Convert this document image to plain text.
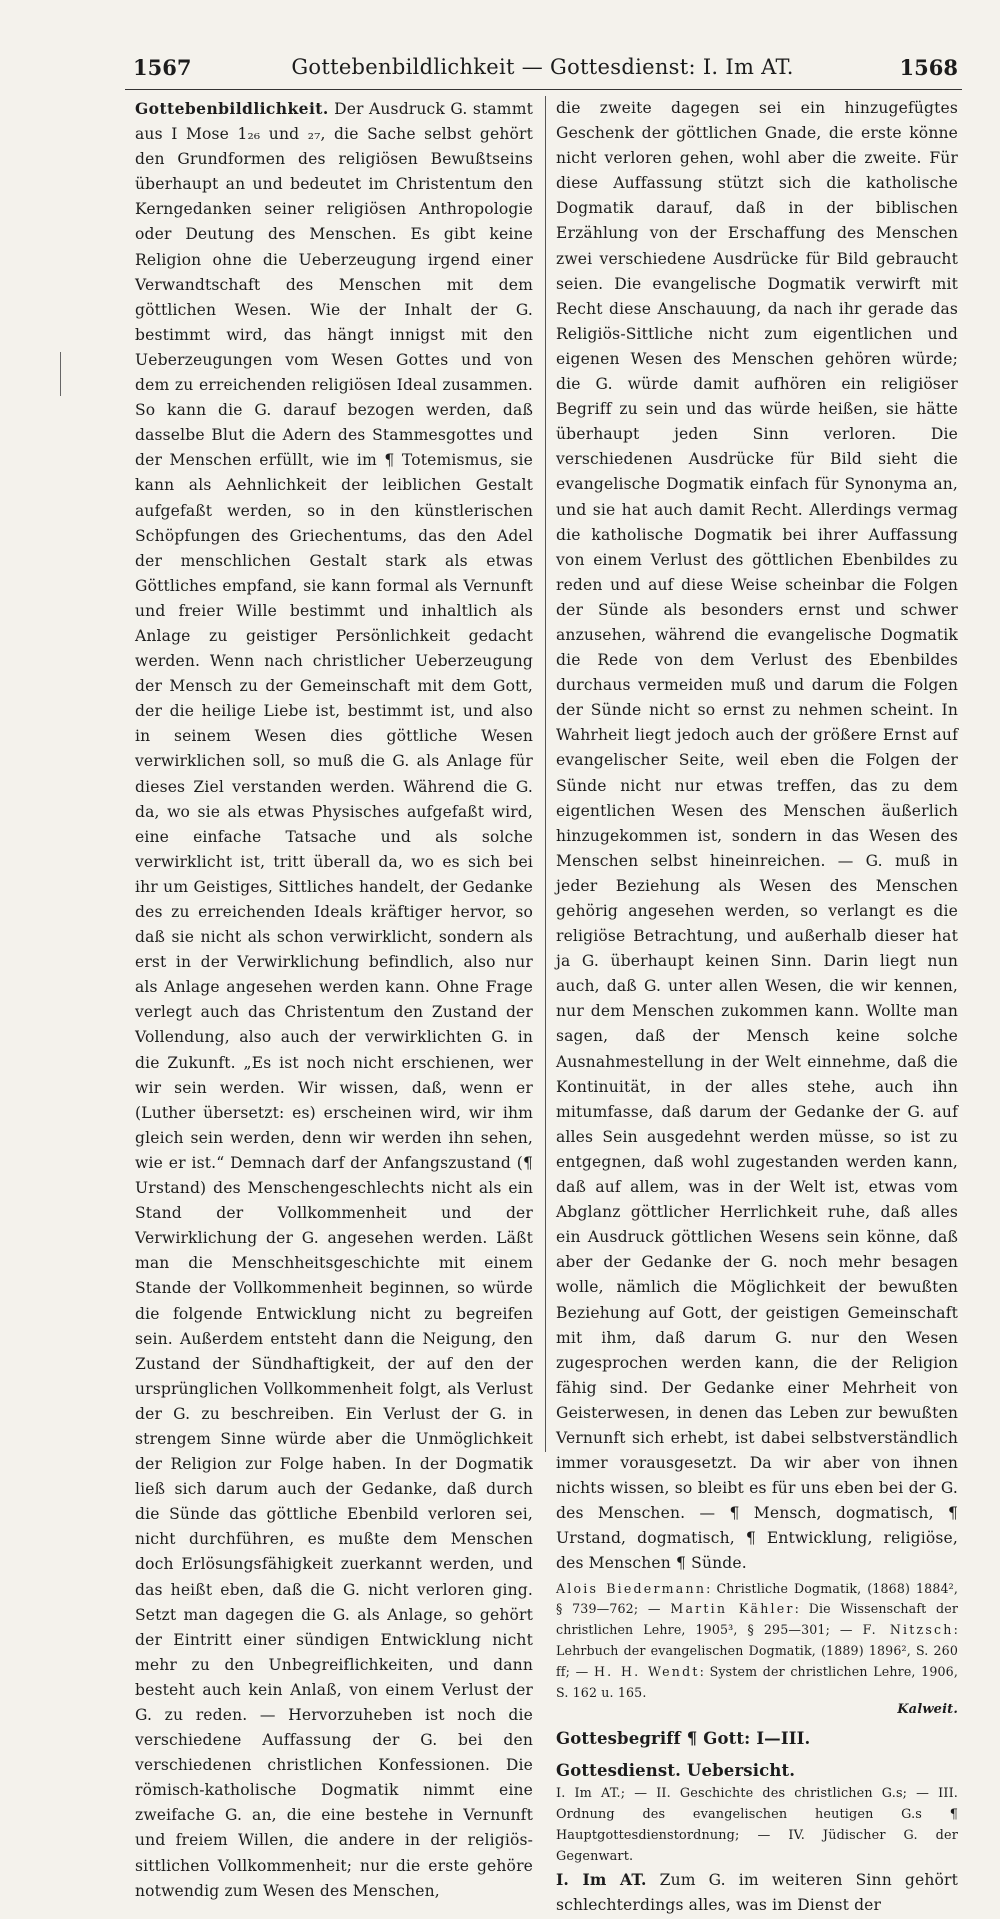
1567	Gottebenbildlichkeit — Gottesdienst: I. Im AT.	1568

Gottebenbildlichkeit. Der Ausdruck G. stammt aus I Mose 1₂₆ und ₂₇, die Sache selbst gehört den Grundformen des religiösen Bewußtseins überhaupt an und bedeutet im Christentum den Kerngedanken seiner religiösen Anthropologie oder Deutung des Menschen. Es gibt keine Religion ohne die Ueberzeugung irgend einer Verwandtschaft des Menschen mit dem göttlichen Wesen. Wie der Inhalt der G. bestimmt wird, das hängt innigst mit den Ueberzeugungen vom Wesen Gottes und von dem zu erreichenden religiösen Ideal zusammen. So kann die G. darauf bezogen werden, daß dasselbe Blut die Adern des Stammesgottes und der Menschen erfüllt, wie im ¶ Totemismus, sie kann als Aehnlichkeit der leiblichen Gestalt aufgefaßt werden, so in den künstlerischen Schöpfungen des Griechentums, das den Adel der menschlichen Gestalt stark als etwas Göttliches empfand, sie kann formal als Vernunft und freier Wille bestimmt und inhaltlich als Anlage zu geistiger Persönlichkeit gedacht werden. Wenn nach christlicher Ueberzeugung der Mensch zu der Gemeinschaft mit dem Gott, der die heilige Liebe ist, bestimmt ist, und also in seinem Wesen dies göttliche Wesen verwirklichen soll, so muß die G. als Anlage für dieses Ziel verstanden werden. Während die G. da, wo sie als etwas Physisches aufgefaßt wird, eine einfache Tatsache und als solche verwirklicht ist, tritt überall da, wo es sich bei ihr um Geistiges, Sittliches handelt, der Gedanke des zu erreichenden Ideals kräftiger hervor, so daß sie nicht als schon verwirklicht, sondern als erst in der Verwirklichung befindlich, also nur als Anlage angesehen werden kann. Ohne Frage verlegt auch das Christentum den Zustand der Vollendung, also auch der verwirklichten G. in die Zukunft. „Es ist noch nicht erschienen, wer wir sein werden. Wir wissen, daß, wenn er (Luther übersetzt: es) erscheinen wird, wir ihm gleich sein werden, denn wir werden ihn sehen, wie er ist.“ Demnach darf der Anfangszustand (¶ Urstand) des Menschengeschlechts nicht als ein Stand der Vollkommenheit und der Verwirklichung der G. angesehen werden. Läßt man die Menschheitsgeschichte mit einem Stande der Vollkommenheit beginnen, so würde die folgende Entwicklung nicht zu begreifen sein. Außerdem entsteht dann die Neigung, den Zustand der Sündhaftigkeit, der auf den der ursprünglichen Vollkommenheit folgt, als Verlust der G. zu beschreiben. Ein Verlust der G. in strengem Sinne würde aber die Unmöglichkeit der Religion zur Folge haben. In der Dogmatik ließ sich darum auch der Gedanke, daß durch die Sünde das göttliche Ebenbild verloren sei, nicht durchführen, es mußte dem Menschen doch Erlösungsfähigkeit zuerkannt werden, und das heißt eben, daß die G. nicht verloren ging. Setzt man dagegen die G. als Anlage, so gehört der Eintritt einer sündigen Entwicklung nicht mehr zu den Unbegreiflichkeiten, und dann besteht auch kein Anlaß, von einem Verlust der G. zu reden. — Hervorzuheben ist noch die verschiedene Auffassung der G. bei den verschiedenen christlichen Konfessionen. Die römisch-katholische Dogmatik nimmt eine zweifache G. an, die eine bestehe in Vernunft und freiem Willen, die andere in der religiös-sittlichen Vollkommenheit; nur die erste gehöre notwendig zum Wesen des Menschen,

die zweite dagegen sei ein hinzugefügtes Geschenk der göttlichen Gnade, die erste könne nicht verloren gehen, wohl aber die zweite. Für diese Auffassung stützt sich die katholische Dogmatik darauf, daß in der biblischen Erzählung von der Erschaffung des Menschen zwei verschiedene Ausdrücke für Bild gebraucht seien. Die evangelische Dogmatik verwirft mit Recht diese Anschauung, da nach ihr gerade das Religiös-Sittliche nicht zum eigentlichen und eigenen Wesen des Menschen gehören würde; die G. würde damit aufhören ein religiöser Begriff zu sein und das würde heißen, sie hätte überhaupt jeden Sinn verloren. Die verschiedenen Ausdrücke für Bild sieht die evangelische Dogmatik einfach für Synonyma an, und sie hat auch damit Recht. Allerdings vermag die katholische Dogmatik bei ihrer Auffassung von einem Verlust des göttlichen Ebenbildes zu reden und auf diese Weise scheinbar die Folgen der Sünde als besonders ernst und schwer anzusehen, während die evangelische Dogmatik die Rede von dem Verlust des Ebenbildes durchaus vermeiden muß und darum die Folgen der Sünde nicht so ernst zu nehmen scheint. In Wahrheit liegt jedoch auch der größere Ernst auf evangelischer Seite, weil eben die Folgen der Sünde nicht nur etwas treffen, das zu dem eigentlichen Wesen des Menschen äußerlich hinzugekommen ist, sondern in das Wesen des Menschen selbst hineinreichen. — G. muß in jeder Beziehung als Wesen des Menschen gehörig angesehen werden, so verlangt es die religiöse Betrachtung, und außerhalb dieser hat ja G. überhaupt keinen Sinn. Darin liegt nun auch, daß G. unter allen Wesen, die wir kennen, nur dem Menschen zukommen kann. Wollte man sagen, daß der Mensch keine solche Ausnahmestellung in der Welt einnehme, daß die Kontinuität, in der alles stehe, auch ihn mitumfasse, daß darum der Gedanke der G. auf alles Sein ausgedehnt werden müsse, so ist zu entgegnen, daß wohl zugestanden werden kann, daß auf allem, was in der Welt ist, etwas vom Abglanz göttlicher Herrlichkeit ruhe, daß alles ein Ausdruck göttlichen Wesens sein könne, daß aber der Gedanke der G. noch mehr besagen wolle, nämlich die Möglichkeit der bewußten Beziehung auf Gott, der geistigen Gemeinschaft mit ihm, daß darum G. nur den Wesen zugesprochen werden kann, die der Religion fähig sind. Der Gedanke einer Mehrheit von Geisterwesen, in denen das Leben zur bewußten Vernunft sich erhebt, ist dabei selbstverständlich immer vorausgesetzt. Da wir aber von ihnen nichts wissen, so bleibt es für uns eben bei der G. des Menschen. — ¶ Mensch, dogmatisch, ¶ Urstand, dogmatisch, ¶ Entwicklung, religiöse, des Menschen ¶ Sünde.

Alois Biedermann: Christliche Dogmatik, (1868) 1884², § 739—762; — Martin Kähler: Die Wissenschaft der christlichen Lehre, 1905³, § 295—301; — F. Nitzsch: Lehrbuch der evangelischen Dogmatik, (1889) 1896², S. 260 ff; — H. H. Wendt: System der christlichen Lehre, 1906, S. 162 u. 165.

Kalweit.

Gottesbegriff ¶ Gott: I—III.

Gottesdienst. Uebersicht.

I. Im AT.; — II. Geschichte des christlichen G.s; — III. Ordnung des evangelischen heutigen G.s ¶ Hauptgottesdienstordnung; — IV. Jüdischer G. der Gegenwart.

I. Im AT. Zum G. im weiteren Sinn gehört schlechterdings alles, was im Dienst der
